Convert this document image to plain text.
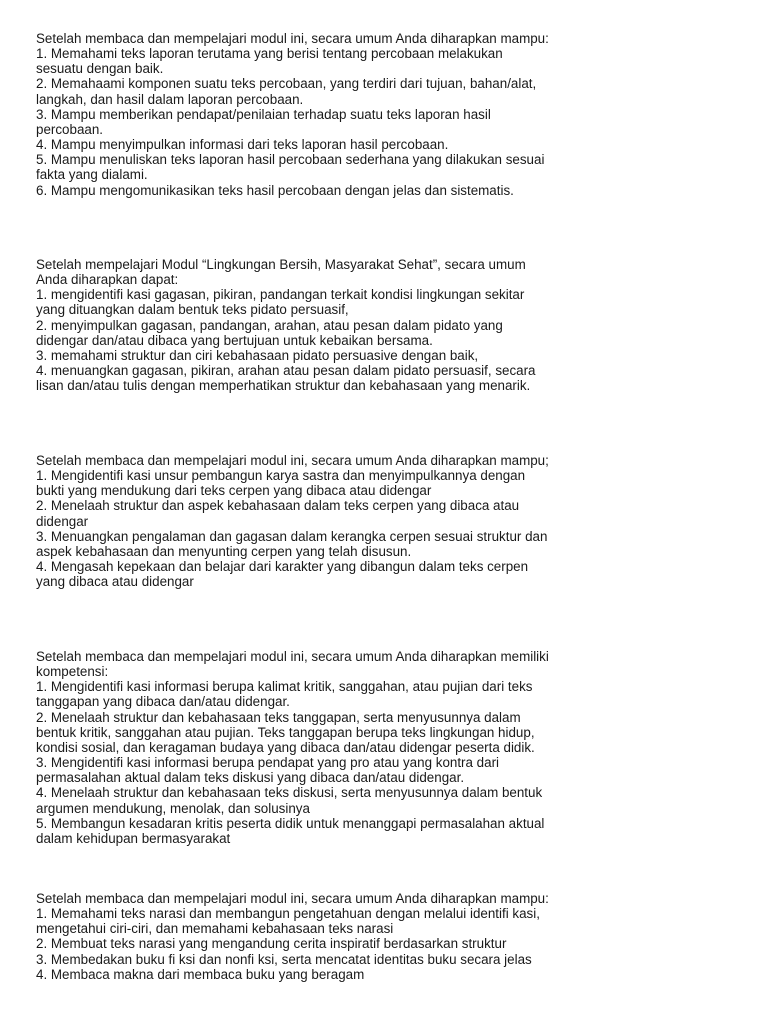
Setelah membaca dan mempelajari modul ini, secara umum Anda diharapkan mampu:

1. Memahami teks laporan terutama yang berisi tentang percobaan melakukan

sesuatu dengan baik.

2. Memahaami komponen suatu teks percobaan, yang terdiri dari tujuan, bahan/alat,

langkah, dan hasil dalam laporan percobaan.

3. Mampu memberikan pendapat/penilaian terhadap suatu teks laporan hasil

percobaan.

4. Mampu menyimpulkan informasi dari teks laporan hasil percobaan.

5. Mampu menuliskan teks laporan hasil percobaan sederhana yang dilakukan sesuai

fakta yang dialami.

6. Mampu mengomunikasikan teks hasil percobaan dengan jelas dan sistematis.

Setelah mempelajari Modul “Lingkungan Bersih, Masyarakat Sehat”, secara umum

Anda diharapkan dapat:

1. mengidentifi kasi gagasan, pikiran, pandangan terkait kondisi lingkungan sekitar

yang dituangkan dalam bentuk teks pidato persuasif,

2. menyimpulkan gagasan, pandangan, arahan, atau pesan dalam pidato yang

didengar dan/atau dibaca yang bertujuan untuk kebaikan bersama.

3. memahami struktur dan ciri kebahasaan pidato persuasive dengan baik,

4. menuangkan gagasan, pikiran, arahan atau pesan dalam pidato persuasif, secara

lisan dan/atau tulis dengan memperhatikan struktur dan kebahasaan yang menarik.

Setelah membaca dan mempelajari modul ini, secara umum Anda diharapkan mampu;

1. Mengidentifi kasi unsur pembangun karya sastra dan menyimpulkannya dengan

bukti yang mendukung dari teks cerpen yang dibaca atau didengar

2. Menelaah struktur dan aspek kebahasaan dalam teks cerpen yang dibaca atau

didengar

3. Menuangkan pengalaman dan gagasan dalam kerangka cerpen sesuai struktur dan

aspek kebahasaan dan menyunting cerpen yang telah disusun.

4. Mengasah kepekaan dan belajar dari karakter yang dibangun dalam teks cerpen

yang dibaca atau didengar

Setelah membaca dan mempelajari modul ini, secara umum Anda diharapkan memiliki

kompetensi:

1. Mengidentifi kasi informasi berupa kalimat kritik, sanggahan, atau pujian dari teks

tanggapan yang dibaca dan/atau didengar.

2. Menelaah struktur dan kebahasaan teks tanggapan, serta menyusunnya dalam

bentuk kritik, sanggahan atau pujian. Teks tanggapan berupa teks lingkungan hidup,

kondisi sosial, dan keragaman budaya yang dibaca dan/atau didengar peserta didik.

3. Mengidentifi kasi informasi berupa pendapat yang pro atau yang kontra dari

permasalahan aktual dalam teks diskusi yang dibaca dan/atau didengar.

4. Menelaah struktur dan kebahasaan teks diskusi, serta menyusunnya dalam bentuk

argumen mendukung, menolak, dan solusinya

5. Membangun kesadaran kritis peserta didik untuk menanggapi permasalahan aktual

dalam kehidupan bermasyarakat

Setelah membaca dan mempelajari modul ini, secara umum Anda diharapkan mampu:

1. Memahami teks narasi dan membangun pengetahuan dengan melalui identifi kasi,

mengetahui ciri-ciri, dan memahami kebahasaan teks narasi

2. Membuat teks narasi yang mengandung cerita inspiratif berdasarkan struktur

3. Membedakan buku fi ksi dan nonfi ksi, serta mencatat identitas buku secara jelas

4. Membaca makna dari membaca buku yang beragam
